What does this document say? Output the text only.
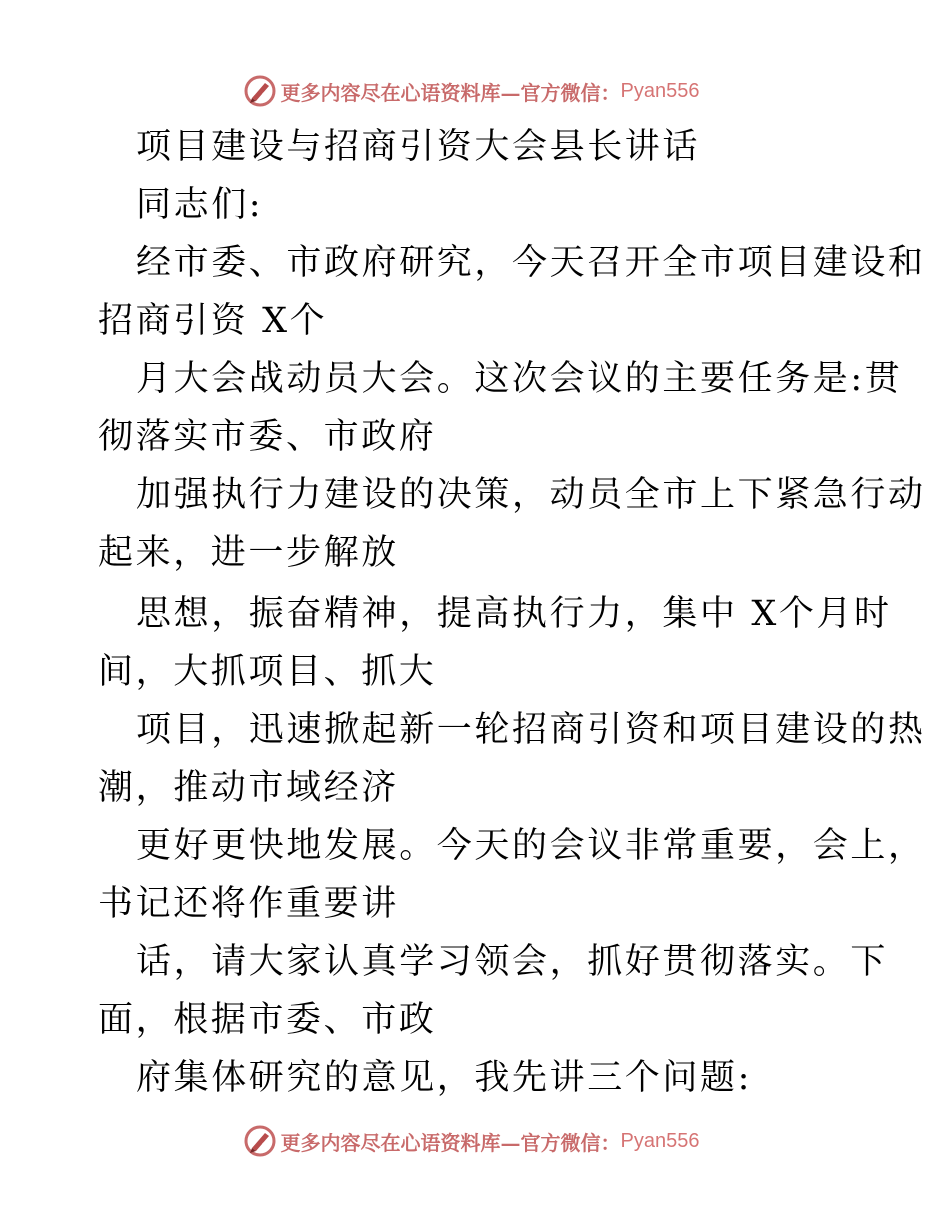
更多内容尽在心语资料库—官方微信： Pyan556
项目建设与招商引资大会县长讲话
同志们:
经市委、市政府研究，今天召开全市项目建设和
招商引资 X个
月大会战动员大会。这次会议的主要任务是:贯
彻落实市委、市政府
加强执行力建设的决策，动员全市上下紧急行动
起来，进一步解放
思想，振奋精神，提高执行力，集中 X个月时
间，大抓项目、抓大
项目，迅速掀起新一轮招商引资和项目建设的热
潮，推动市域经济
更好更快地发展。今天的会议非常重要，会上，
书记还将作重要讲
话，请大家认真学习领会，抓好贯彻落实。下
面，根据市委、市政
府集体研究的意见，我先讲三个问题:
更多内容尽在心语资料库—官方微信： Pyan556
